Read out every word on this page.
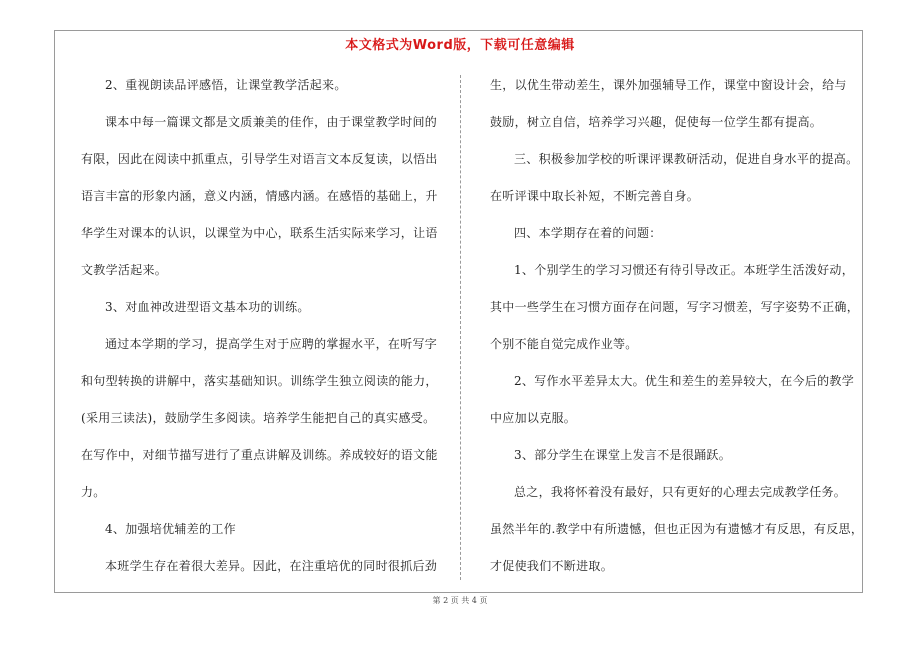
本文格式为Word版，下载可任意编辑
2、重视朗读品评感悟，让课堂教学活起来。
课本中每一篇课文都是文质兼美的佳作，由于课堂教学时间的
有限，因此在阅读中抓重点，引导学生对语言文本反复读，以悟出
语言丰富的形象内涵，意义内涵，情感内涵。在感悟的基础上，升
华学生对课本的认识，以课堂为中心，联系生活实际来学习，让语
文教学活起来。
3、对血神改进型语文基本功的训练。
通过本学期的学习，提高学生对于应聘的掌握水平，在听写字
和句型转换的讲解中，落实基础知识。训练学生独立阅读的能力，
(采用三读法)，鼓励学生多阅读。培养学生能把自己的真实感受。
在写作中，对细节描写进行了重点讲解及训练。养成较好的语文能
力。
4、加强培优辅差的工作
本班学生存在着很大差异。因此，在注重培优的同时很抓后劲
生，以优生带动差生，课外加强辅导工作，课堂中窗设计会，给与
鼓励，树立自信，培养学习兴趣，促使每一位学生都有提高。
三、积极参加学校的听课评课教研活动，促进自身水平的提高。
在听评课中取长补短，不断完善自身。
四、本学期存在着的问题：
1、个别学生的学习习惯还有待引导改正。本班学生活泼好动，
其中一些学生在习惯方面存在问题，写字习惯差，写字姿势不正确，
个别不能自觉完成作业等。
2、写作水平差异太大。优生和差生的差异较大，在今后的教学
中应加以克服。
3、部分学生在课堂上发言不是很踊跃。
总之，我将怀着没有最好，只有更好的心理去完成教学任务。
虽然半年的.教学中有所遗憾，但也正因为有遗憾才有反思，有反思，
才促使我们不断进取。
第 2 页 共 4 页
